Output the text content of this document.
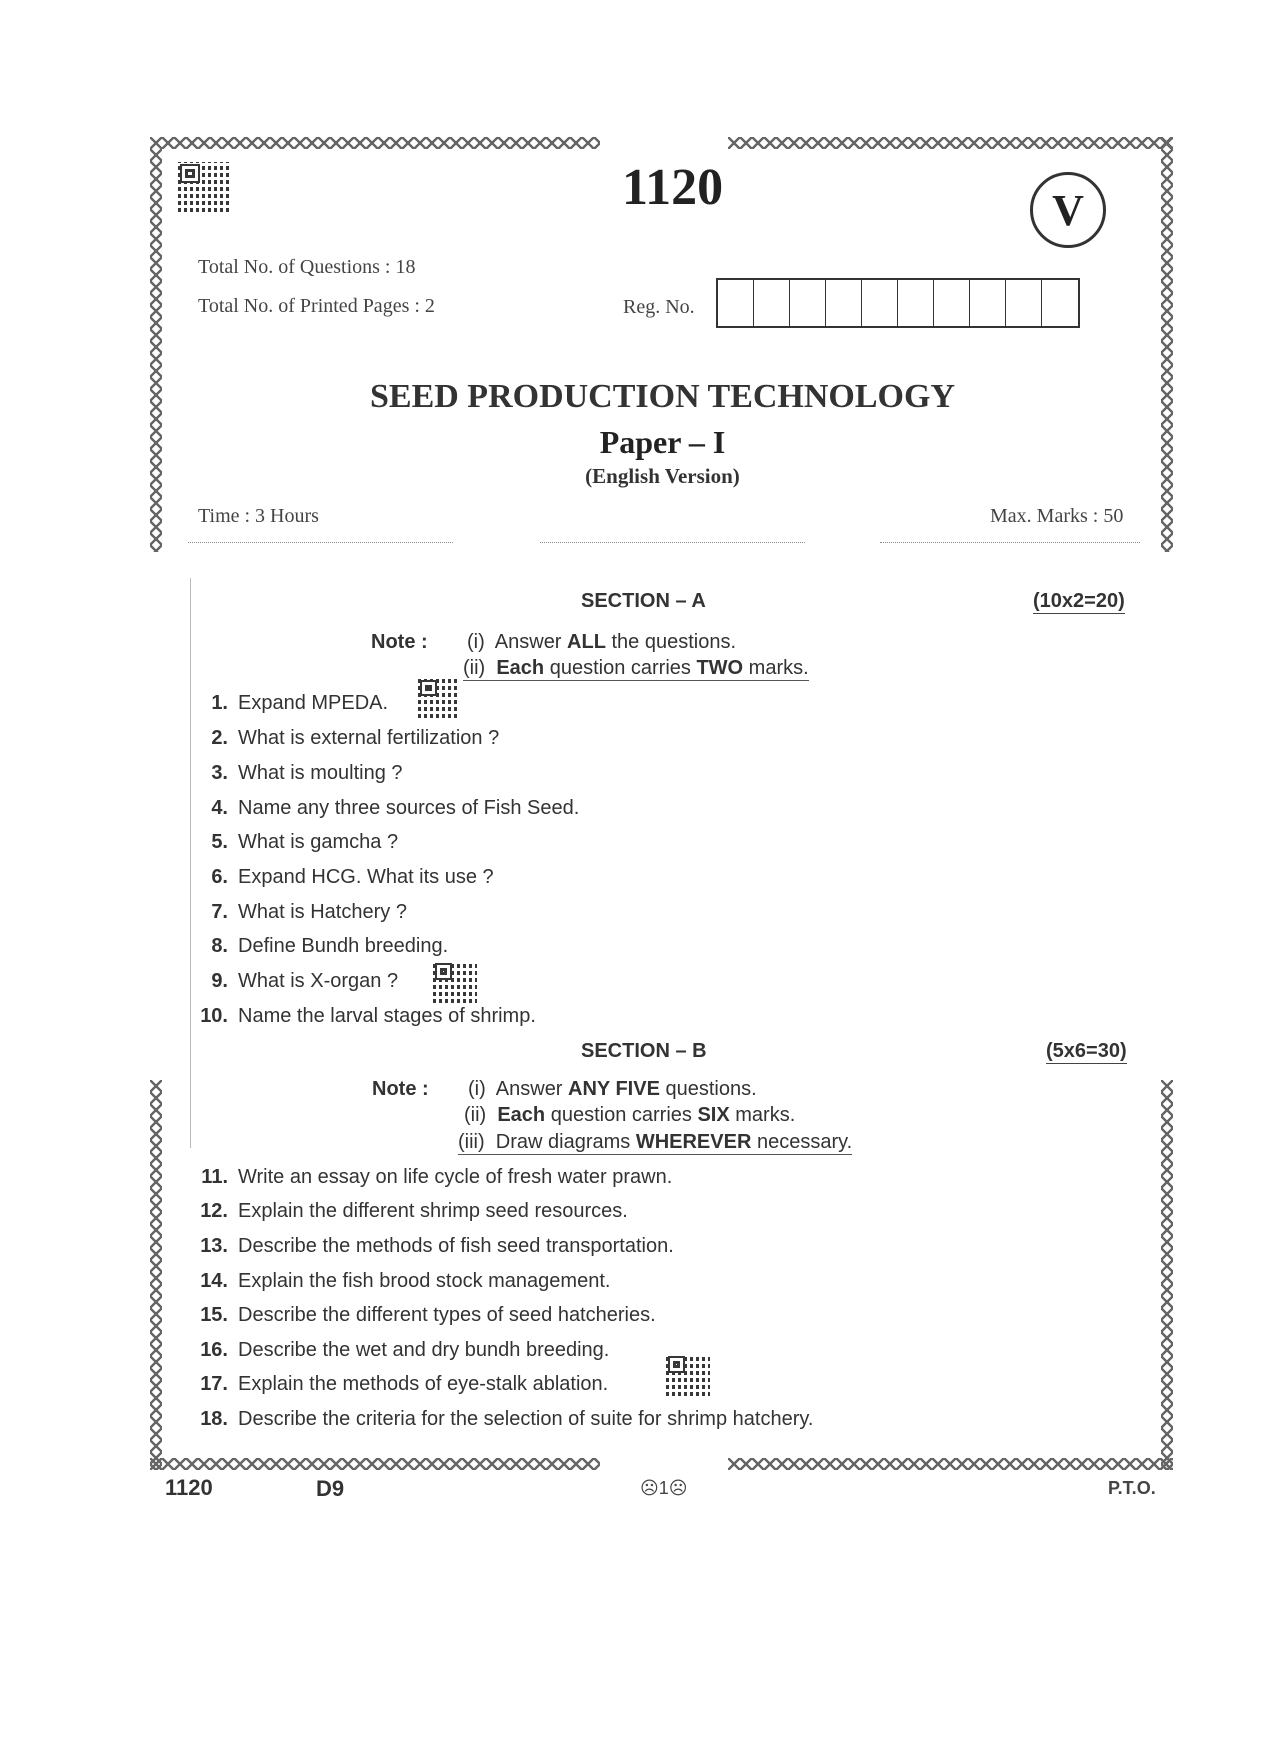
1120	V
Total No. of Questions : 18
Total No. of Printed Pages : 2	Reg. No.
SEED PRODUCTION TECHNOLOGY
Paper – I
(English Version)
Time : 3 Hours	Max. Marks : 50
SECTION – A	(10x2=20)
Note : (i) Answer ALL the questions.
(ii) Each question carries TWO marks.
1. Expand MPEDA.
2. What is external fertilization ?
3. What is moulting ?
4. Name any three sources of Fish Seed.
5. What is gamcha ?
6. Expand HCG. What its use ?
7. What is Hatchery ?
8. Define Bundh breeding.
9. What is X-organ ?
10. Name the larval stages of shrimp.
SECTION – B	(5x6=30)
Note : (i) Answer ANY FIVE questions.
(ii) Each question carries SIX marks.
(iii) Draw diagrams WHEREVER necessary.
11. Write an essay on life cycle of fresh water prawn.
12. Explain the different shrimp seed resources.
13. Describe the methods of fish seed transportation.
14. Explain the fish brood stock management.
15. Describe the different types of seed hatcheries.
16. Describe the wet and dry bundh breeding.
17. Explain the methods of eye-stalk ablation.
18. Describe the criteria for the selection of suite for shrimp hatchery.
1120	D9	☹1☹	P.T.O.
